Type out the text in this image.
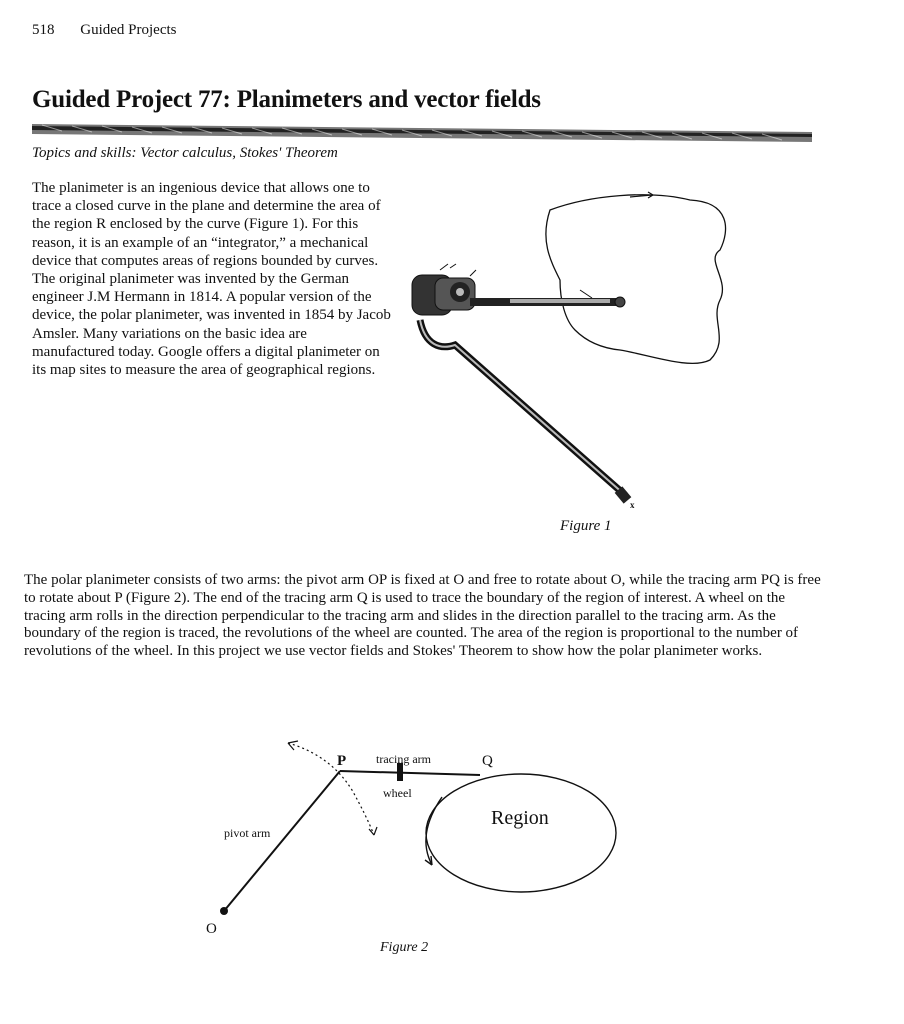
518 Guided Projects
Guided Project 77: Planimeters and vector fields
Topics and skills: Vector calculus, Stokes' Theorem
The planimeter is an ingenious device that allows one to trace a closed curve in the plane and determine the area of the region R enclosed by the curve (Figure 1). For this reason, it is an example of an “integrator,” a mechanical device that computes areas of regions bounded by curves. The original planimeter was invented by the German engineer J.M Hermann in 1814. A popular version of the device, the polar planimeter, was invented in 1854 by Jacob Amsler. Many variations on the basic idea are manufactured today. Google offers a digital planimeter on its map sites to measure the area of geographical regions.
x
Figure 1
The polar planimeter consists of two arms: the pivot arm OP is fixed at O and free to rotate about O, while the tracing arm PQ is free to rotate about P (Figure 2). The end of the tracing arm Q is used to trace the boundary of the region of interest. A wheel on the tracing arm rolls in the direction perpendicular to the tracing arm and slides in the direction parallel to the tracing arm. As the boundary of the region is traced, the revolutions of the wheel are counted. The area of the region is proportional to the number of revolutions of the wheel. In this project we use vector fields and Stokes' Theorem to show how the polar planimeter works.
P	Q
O
tracing arm
wheel
pivot arm
Region
Figure 2
